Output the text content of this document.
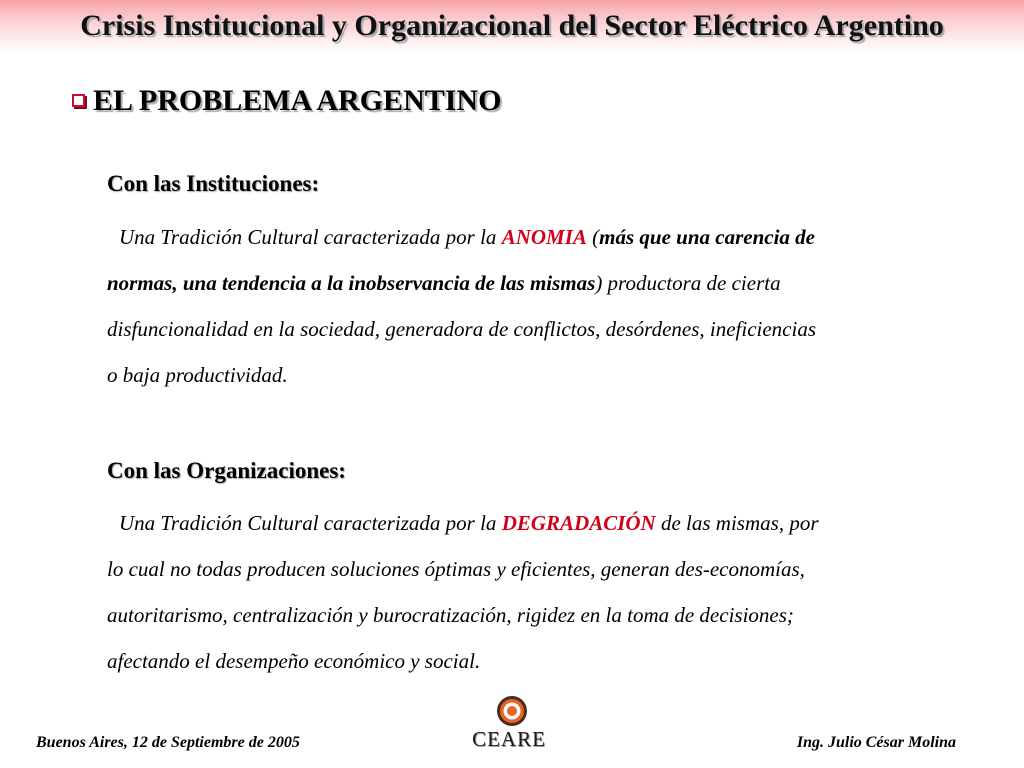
Crisis Institucional y Organizacional del Sector Eléctrico Argentino
EL PROBLEMA ARGENTINO
Con las Instituciones:
Una Tradición Cultural caracterizada por la ANOMIA (más que una carencia de
normas, una tendencia a la inobservancia de las mismas) productora de cierta
disfuncionalidad en la sociedad, generadora de conflictos, desórdenes, ineficiencias
o baja productividad.
Con las Organizaciones:
Una Tradición Cultural caracterizada por la DEGRADACIÓN de las mismas, por
lo cual no todas producen soluciones óptimas y eficientes, generan des-economías,
autoritarismo, centralización y burocratización, rigidez en la toma de decisiones;
afectando el desempeño económico y social.
Buenos Aires, 12 de Septiembre de 2005	CEARE	Ing. Julio César Molina
